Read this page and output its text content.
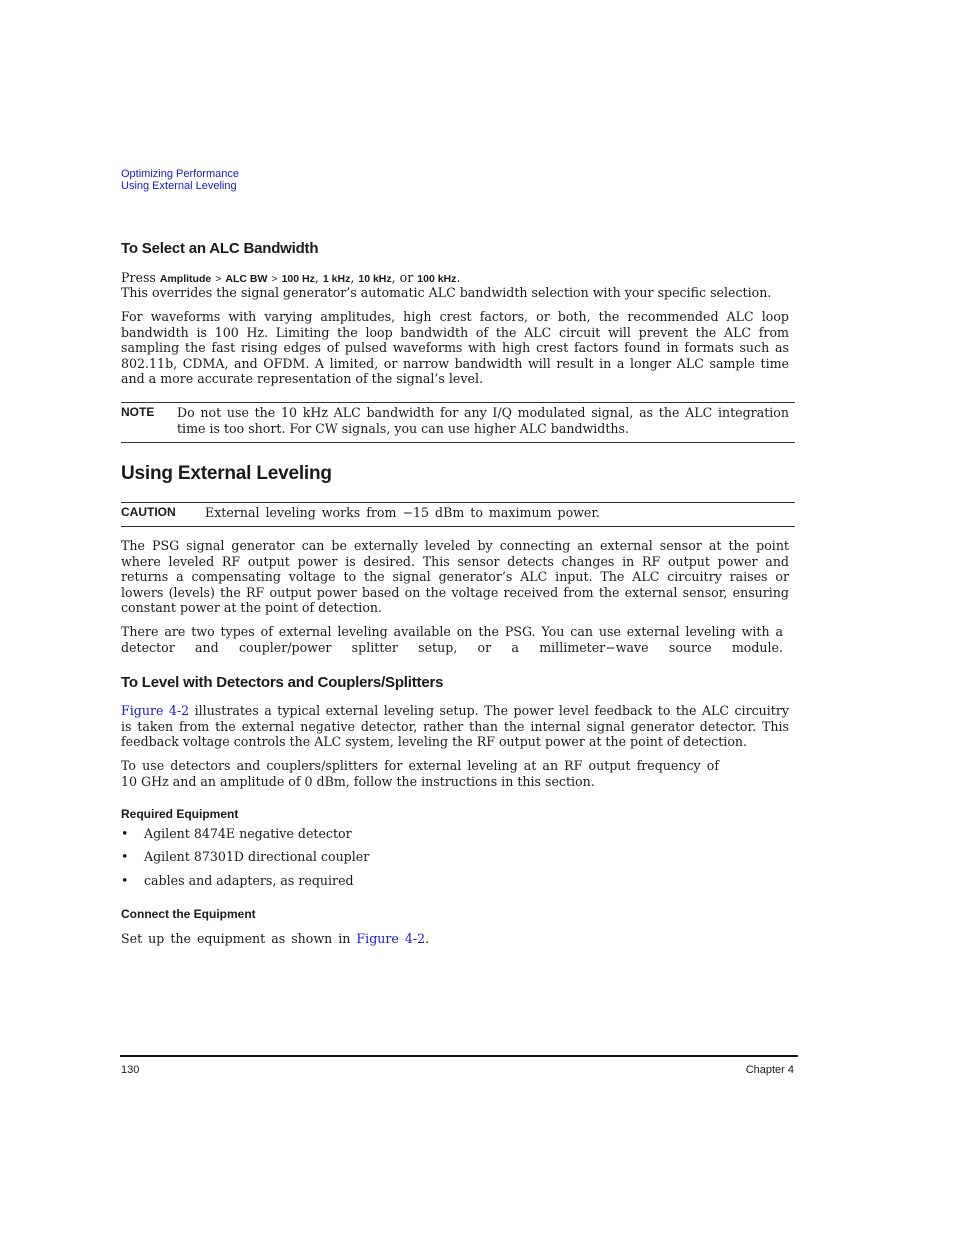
Optimizing Performance
Using External Leveling
To Select an ALC Bandwidth
Press Amplitude > ALC BW > 100 Hz, 1 kHz, 10 kHz, or 100 kHz.
This overrides the signal generator’s automatic ALC bandwidth selection with your specific selection.
For waveforms with varying amplitudes, high crest factors, or both, the recommended ALC loop
bandwidth is 100 Hz. Limiting the loop bandwidth of the ALC circuit will prevent the ALC from
sampling the fast rising edges of pulsed waveforms with high crest factors found in formats such as
802.11b, CDMA, and OFDM. A limited, or narrow bandwidth will result in a longer ALC sample time
and a more accurate representation of the signal’s level.
NOTE Do not use the 10 kHz ALC bandwidth for any I/Q modulated signal, as the ALC integration
time is too short. For CW signals, you can use higher ALC bandwidths.
Using External Leveling
CAUTION External leveling works from −15 dBm to maximum power.
The PSG signal generator can be externally leveled by connecting an external sensor at the point
where leveled RF output power is desired. This sensor detects changes in RF output power and
returns a compensating voltage to the signal generator’s ALC input. The ALC circuitry raises or
lowers (levels) the RF output power based on the voltage received from the external sensor, ensuring
constant power at the point of detection.
There are two types of external leveling available on the PSG. You can use external leveling with a
detector and coupler/power splitter setup, or a millimeter−wave source module.
To Level with Detectors and Couplers/Splitters
Figure 4-2 illustrates a typical external leveling setup. The power level feedback to the ALC circuitry
is taken from the external negative detector, rather than the internal signal generator detector. This
feedback voltage controls the ALC system, leveling the RF output power at the point of detection.
To use detectors and couplers/splitters for external leveling at an RF output frequency of
10 GHz and an amplitude of 0 dBm, follow the instructions in this section.
Required Equipment
• Agilent 8474E negative detector
• Agilent 87301D directional coupler
• cables and adapters, as required
Connect the Equipment
Set up the equipment as shown in Figure 4-2.
130	Chapter 4
